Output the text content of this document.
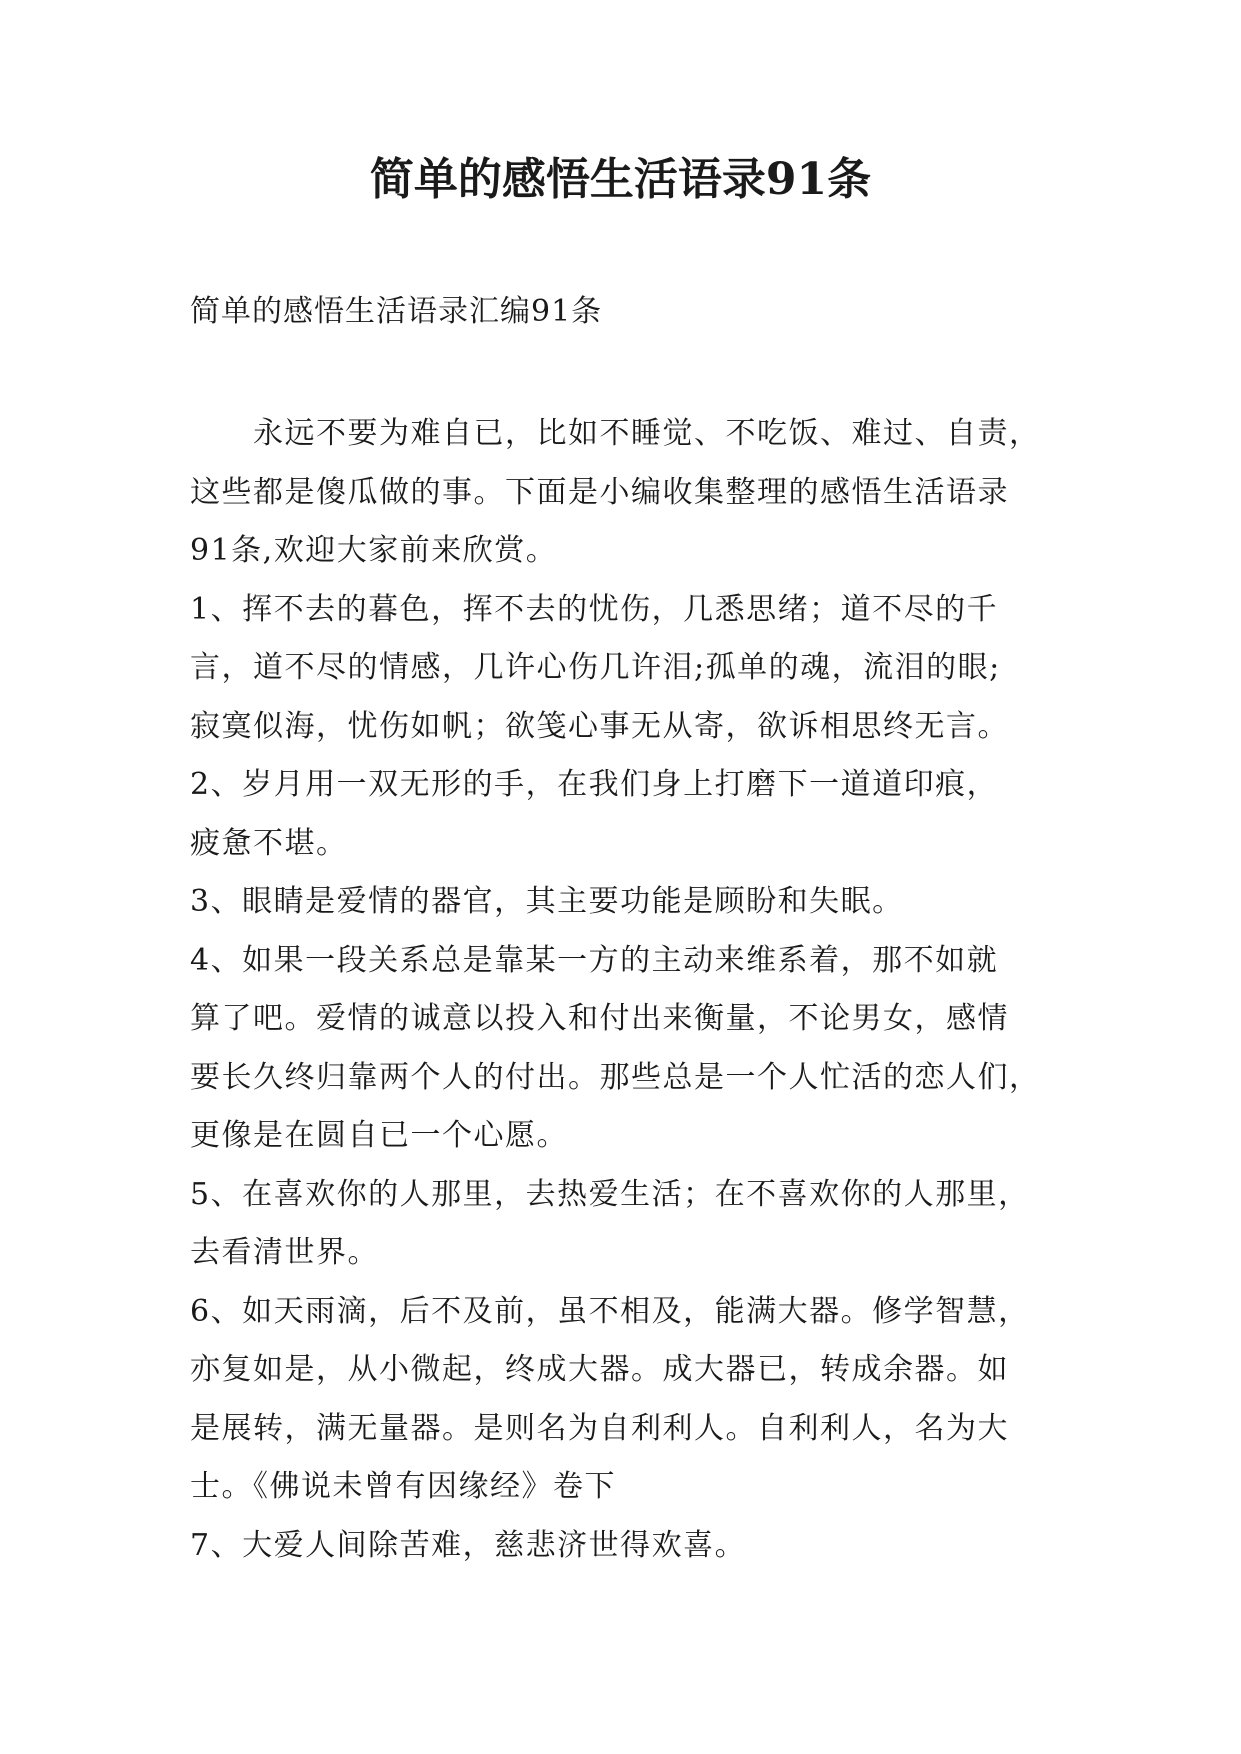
简单的感悟生活语录91条
简单的感悟生活语录汇编91条
　　永远不要为难自已，比如不睡觉、不吃饭、难过、自责，
这些都是傻瓜做的事。下面是小编收集整理的感悟生活语录
91条,欢迎大家前来欣赏。
1、挥不去的暮色，挥不去的忧伤，几悉思绪；道不尽的千
言，道不尽的情感，几许心伤几许泪;孤单的魂，流泪的眼;
寂寞似海，忧伤如帆；欲笺心事无从寄，欲诉相思终无言。
2、岁月用一双无形的手，在我们身上打磨下一道道印痕，
疲惫不堪。
3、眼睛是爱情的器官，其主要功能是顾盼和失眠。
4、如果一段关系总是靠某一方的主动来维系着，那不如就
算了吧。爱情的诚意以投入和付出来衡量，不论男女，感情
要长久终归靠两个人的付出。那些总是一个人忙活的恋人们，
更像是在圆自已一个心愿。
5、在喜欢你的人那里，去热爱生活；在不喜欢你的人那里，
去看清世界。
6、如天雨滴，后不及前，虽不相及，能满大器。修学智慧，
亦复如是，从小微起，终成大器。成大器已，转成余器。如
是展转，满无量器。是则名为自利利人。自利利人，名为大
士。《佛说未曾有因缘经》卷下
7、大爱人间除苦难，慈悲济世得欢喜。
